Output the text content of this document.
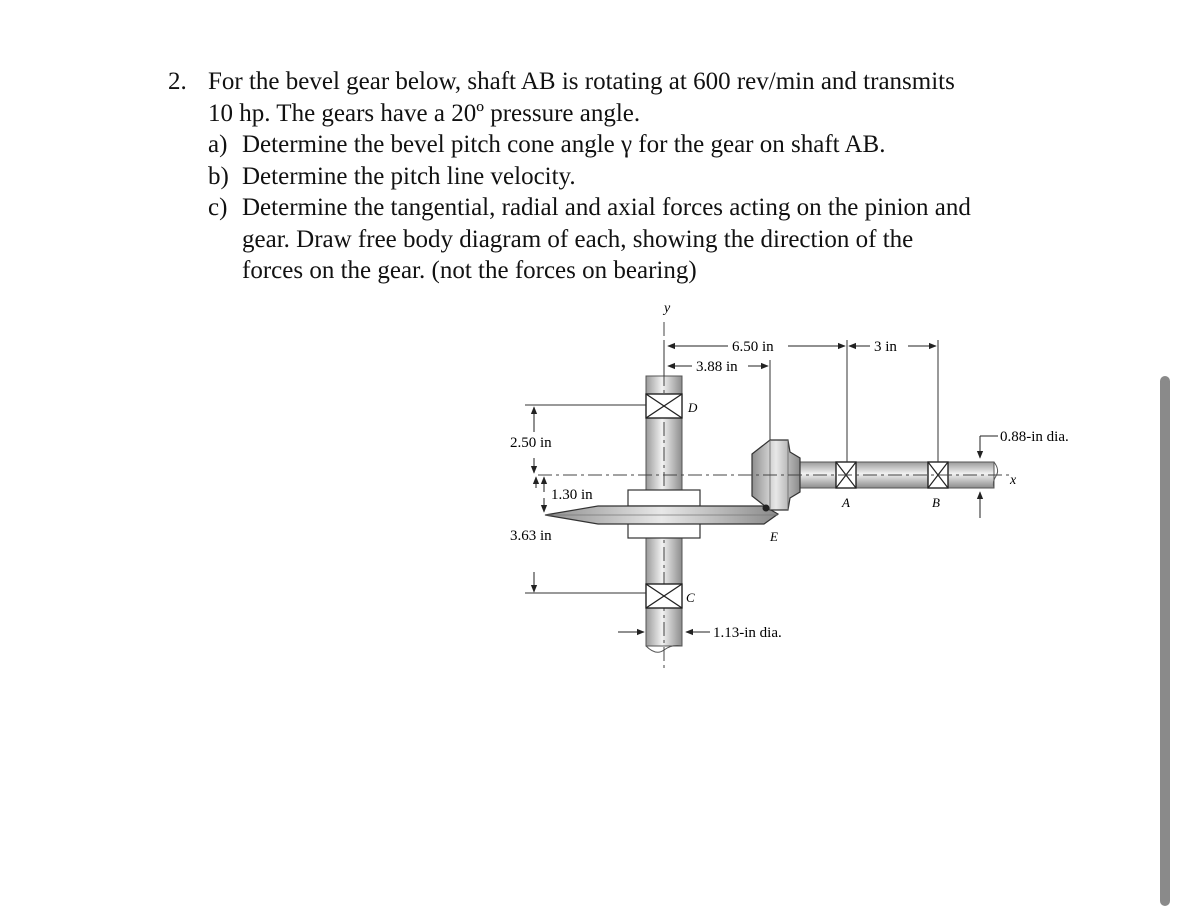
2. For the bevel gear below, shaft AB is rotating at 600 rev/min and transmits
10 hp. The gears have a 20º pressure angle.
a) Determine the bevel pitch cone angle γ for the gear on shaft AB.
b) Determine the pitch line velocity.
c) Determine the tangential, radial and axial forces acting on the pinion and
gear. Draw free body diagram of each, showing the direction of the
forces on the gear. (not the forces on bearing)
y
6.50 in	3 in
3.88 in
2.50 in
1.30 in
3.63 in
0.88-in dia.
1.13-in dia.
x
A	B
C
D
E
